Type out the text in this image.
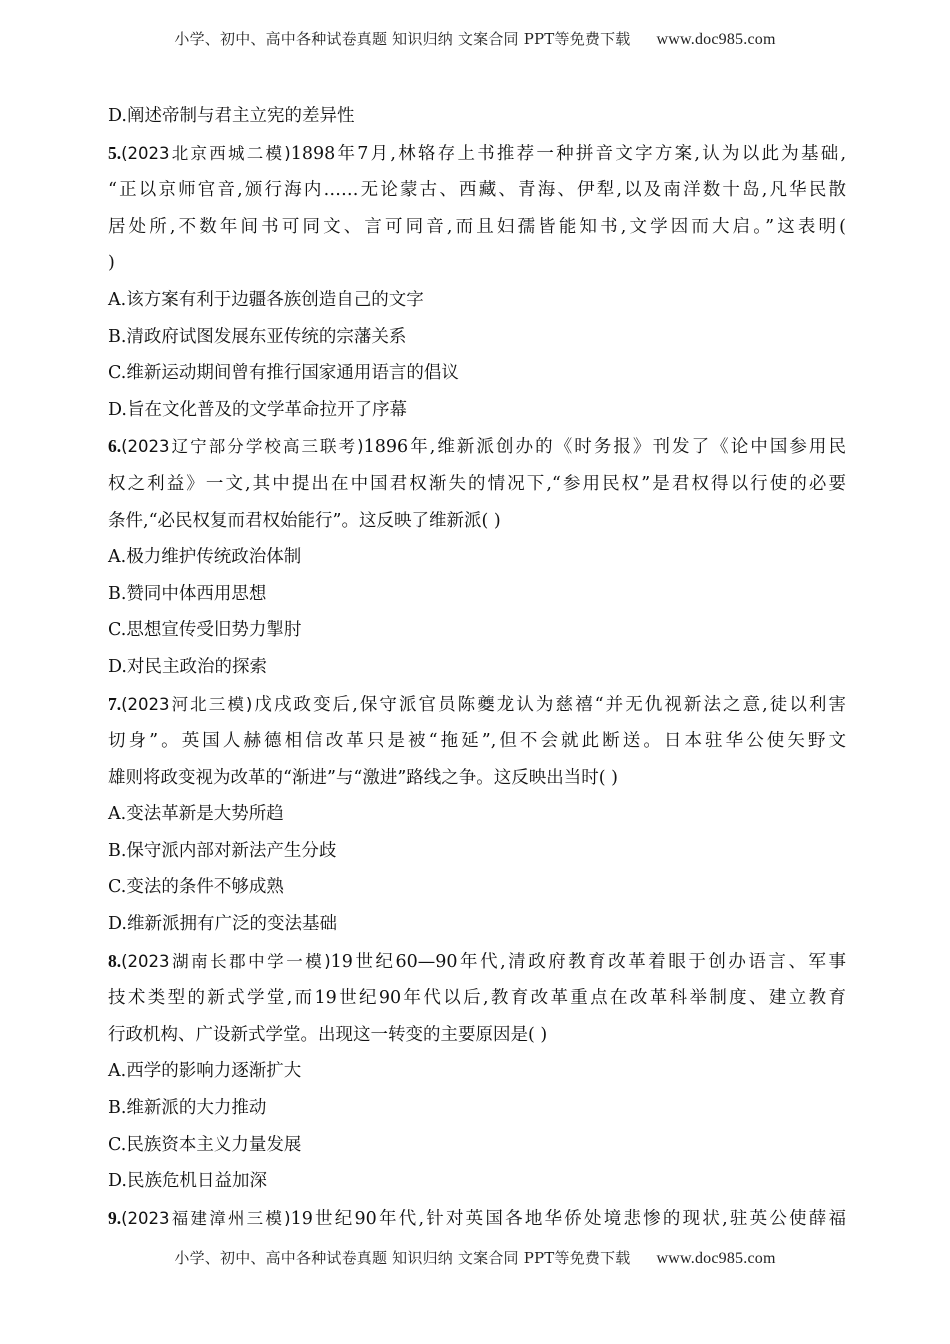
小学、初中、高中各种试卷真题 知识归纳 文案合同 PPT等免费下载 www.doc985.com
D.阐述帝制与君主立宪的差异性
5.(2023北京西城二模)1898年7月,林辂存上书推荐一种拼音文字方案,认为以此为基础,
“正以京师官音,颁行海内……无论蒙古、西藏、青海、伊犁,以及南洋数十岛,凡华民散
居处所,不数年间书可同文、言可同音,而且妇孺皆能知书,文学因而大启。”这表明(
)
A.该方案有利于边疆各族创造自己的文字
B.清政府试图发展东亚传统的宗藩关系
C.维新运动期间曾有推行国家通用语言的倡议
D.旨在文化普及的文学革命拉开了序幕
6.(2023辽宁部分学校高三联考)1896年,维新派创办的《时务报》刊发了《论中国参用民
权之利益》一文,其中提出在中国君权渐失的情况下,“参用民权”是君权得以行使的必要
条件,“必民权复而君权始能行”。这反映了维新派( )
A.极力维护传统政治体制
B.赞同中体西用思想
C.思想宣传受旧势力掣肘
D.对民主政治的探索
7.(2023河北三模)戊戌政变后,保守派官员陈夔龙认为慈禧“并无仇视新法之意,徒以利害
切身”。英国人赫德相信改革只是被“拖延”,但不会就此断送。日本驻华公使矢野文
雄则将政变视为改革的“渐进”与“激进”路线之争。这反映出当时( )
A.变法革新是大势所趋
B.保守派内部对新法产生分歧
C.变法的条件不够成熟
D.维新派拥有广泛的变法基础
8.(2023湖南长郡中学一模)19世纪60—90年代,清政府教育改革着眼于创办语言、军事
技术类型的新式学堂,而19世纪90年代以后,教育改革重点在改革科举制度、建立教育
行政机构、广设新式学堂。出现这一转变的主要原因是( )
A.西学的影响力逐渐扩大
B.维新派的大力推动
C.民族资本主义力量发展
D.民族危机日益加深
9.(2023福建漳州三模)19世纪90年代,针对英国各地华侨处境悲惨的现状,驻英公使薛福
小学、初中、高中各种试卷真题 知识归纳 文案合同 PPT等免费下载 www.doc985.com
